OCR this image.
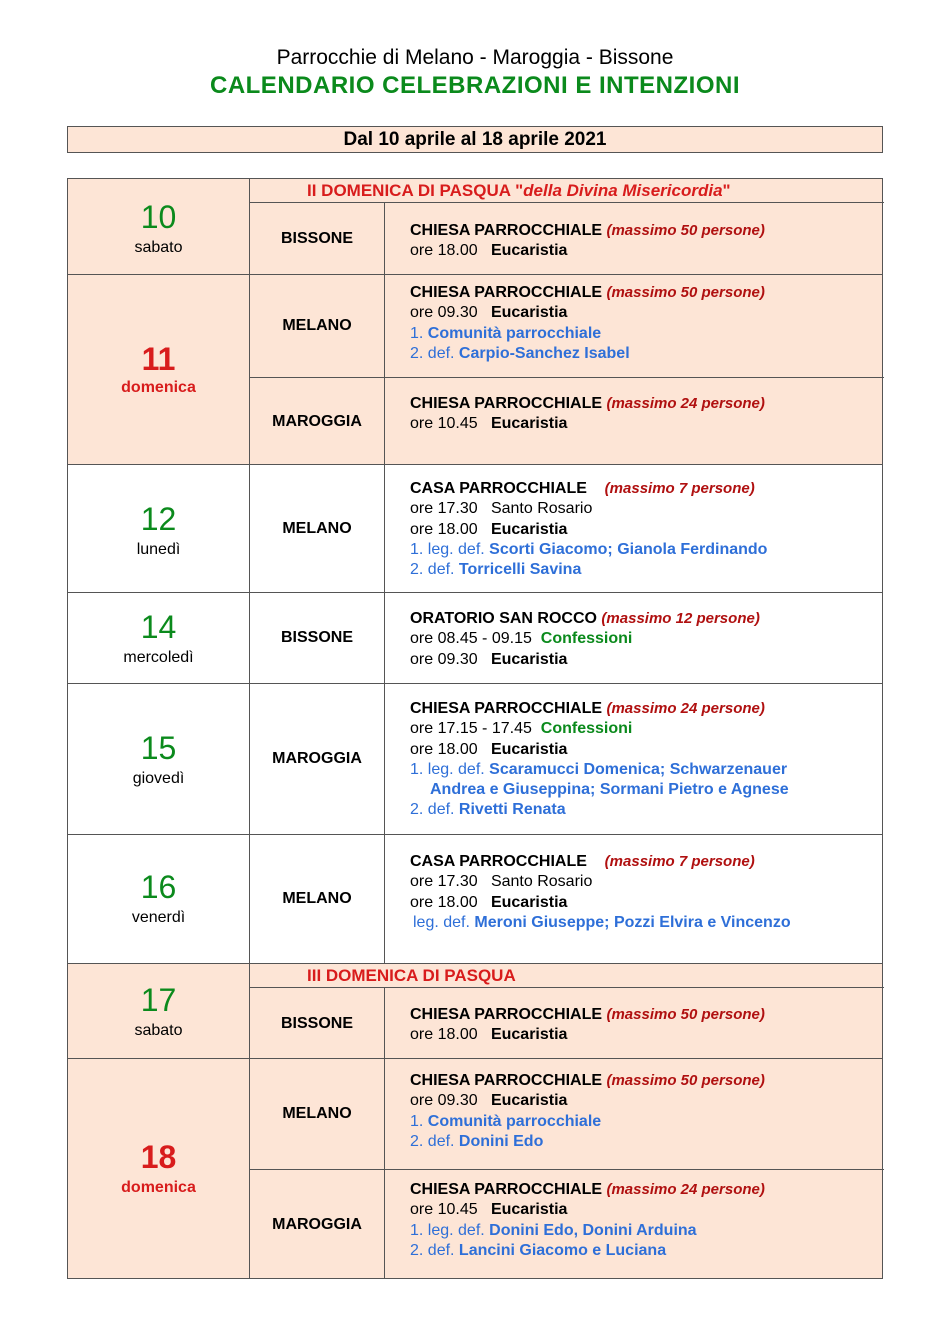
Parrocchie di Melano - Maroggia - Bissone
CALENDARIO CELEBRAZIONI E INTENZIONI
Dal 10 aprile al 18 aprile 2021
10
sabato
II DOMENICA DI PASQUA "della Divina Misericordia"
BISSONE	CHIESA PARROCCHIALE (massimo 50 persone)
ore 18.00 Eucaristia
11
domenica
MELANO
CHIESA PARROCCHIALE (massimo 50 persone)
ore 09.30 Eucaristia
1. Comunità parrocchiale
2. def. Carpio-Sanchez Isabel
MAROGGIA
CHIESA PARROCCHIALE (massimo 24 persone)
ore 10.45 Eucaristia
12
lunedì
MELANO
CASA PARROCCHIALE (massimo 7 persone)
ore 17.30 Santo Rosario
ore 18.00 Eucaristia
1. leg. def. Scorti Giacomo; Gianola Ferdinando
2. def. Torricelli Savina
14
mercoledì
BISSONE
ORATORIO SAN ROCCO (massimo 12 persone)
ore 08.45 - 09.15 Confessioni
ore 09.30 Eucaristia
15
giovedì
MAROGGIA
CHIESA PARROCCHIALE (massimo 24 persone)
ore 17.15 - 17.45 Confessioni
ore 18.00 Eucaristia
1. leg. def. Scaramucci Domenica; Schwarzenauer
Andrea e Giuseppina; Sormani Pietro e Agnese
2. def. Rivetti Renata
16
venerdì
MELANO
CASA PARROCCHIALE (massimo 7 persone)
ore 17.30 Santo Rosario
ore 18.00 Eucaristia
leg. def. Meroni Giuseppe; Pozzi Elvira e Vincenzo
17
sabato
III DOMENICA DI PASQUA
BISSONE	CHIESA PARROCCHIALE (massimo 50 persone)
ore 18.00 Eucaristia
18
domenica
MELANO
CHIESA PARROCCHIALE (massimo 50 persone)
ore 09.30 Eucaristia
1. Comunità parrocchiale
2. def. Donini Edo
MAROGGIA
CHIESA PARROCCHIALE (massimo 24 persone)
ore 10.45 Eucaristia
1. leg. def. Donini Edo, Donini Arduina
2. def. Lancini Giacomo e Luciana
